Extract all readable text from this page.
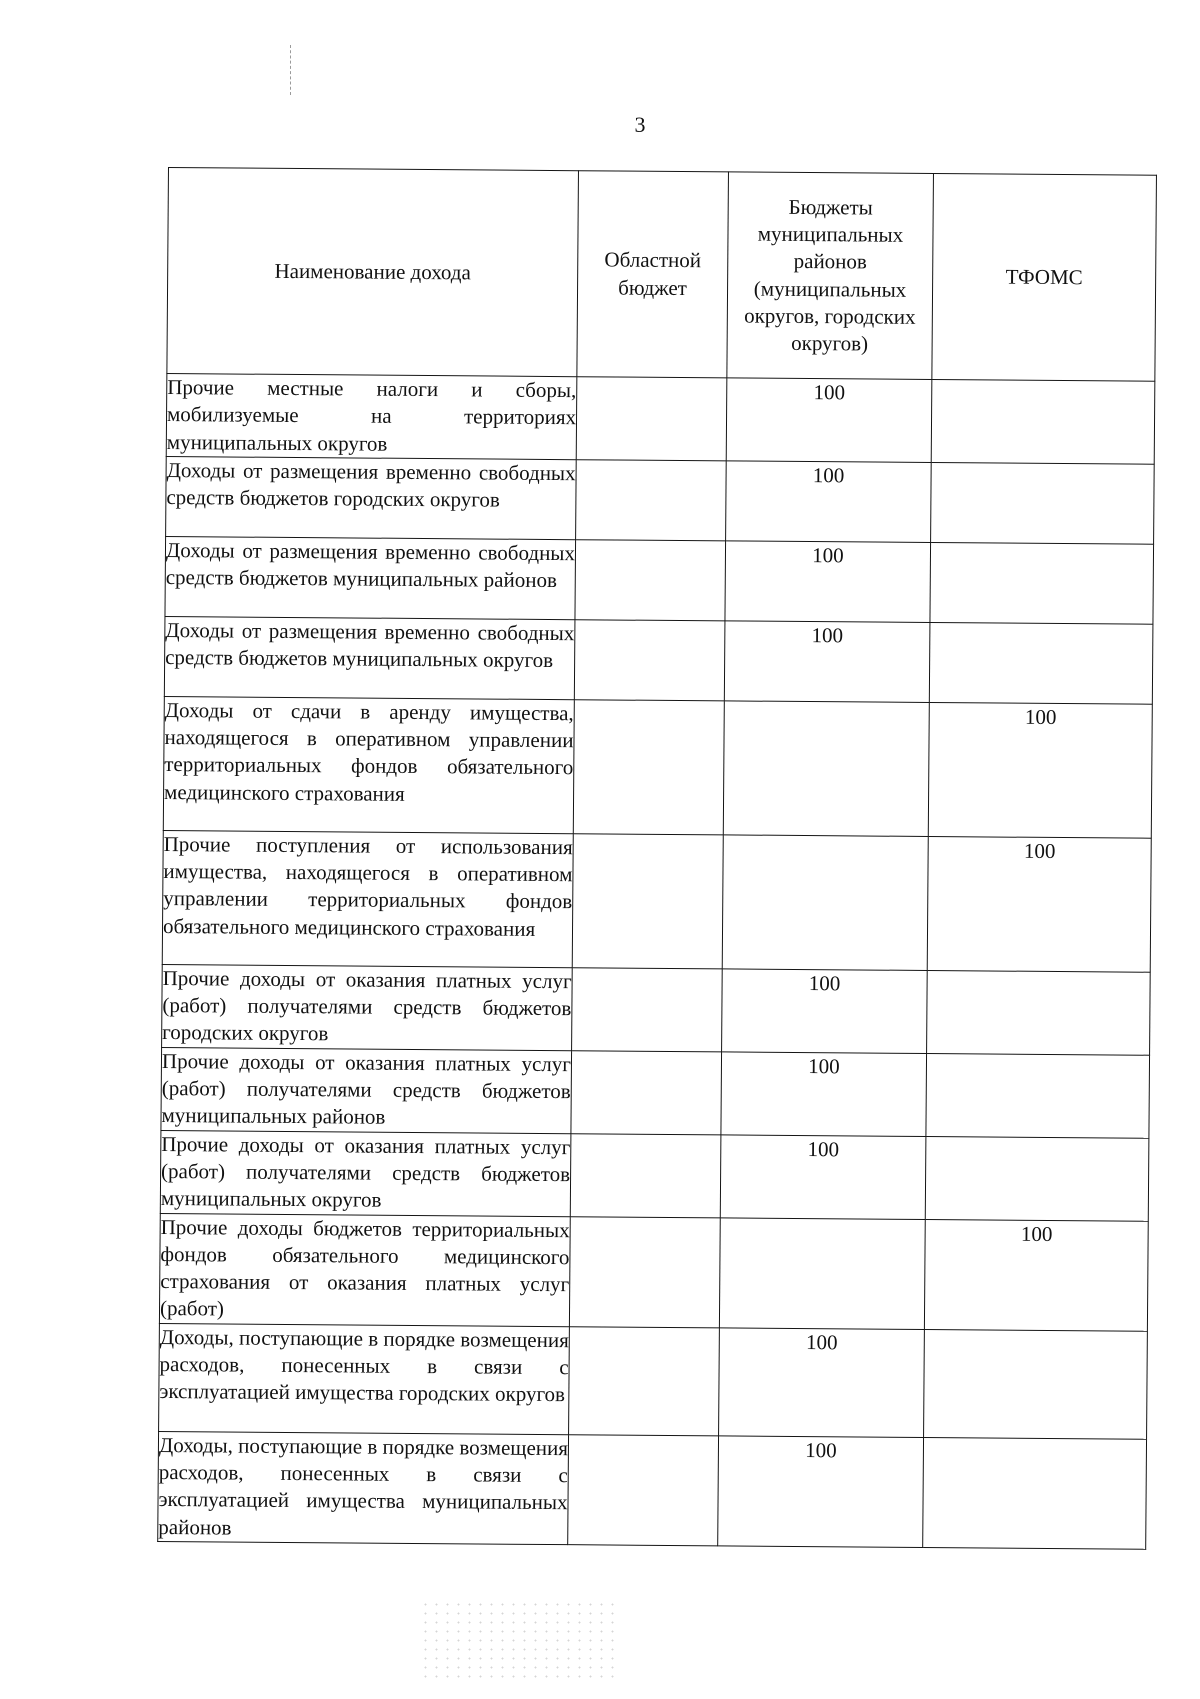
3
Наименование дохода	Областной бюджет	Бюджеты муниципальных районов (муниципальных округов, городских округов)	ТФОМС
Прочие местные налоги и сборы, мобилизуемые на территориях муниципальных округов		100	
Доходы от размещения временно свободных средств бюджетов городских округов		100	
Доходы от размещения временно свободных средств бюджетов муниципальных районов		100	
Доходы от размещения временно свободных средств бюджетов муниципальных округов		100	
Доходы от сдачи в аренду имущества, находящегося в оперативном управлении территориальных фондов обязательного медицинского страхования			100
Прочие поступления от использования имущества, находящегося в оперативном управлении территориальных фондов обязательного медицинского страхования			100
Прочие доходы от оказания платных услуг (работ) получателями средств бюджетов городских округов		100	
Прочие доходы от оказания платных услуг (работ) получателями средств бюджетов муниципальных районов		100	
Прочие доходы от оказания платных услуг (работ) получателями средств бюджетов муниципальных округов		100	
Прочие доходы бюджетов территориальных фондов обязательного медицинского страхования от оказания платных услуг (работ)			100
Доходы, поступающие в порядке возмещения расходов, понесенных в связи с эксплуатацией имущества городских округов		100	
Доходы, поступающие в порядке возмещения расходов, понесенных в связи с эксплуатацией имущества муниципальных районов		100	
